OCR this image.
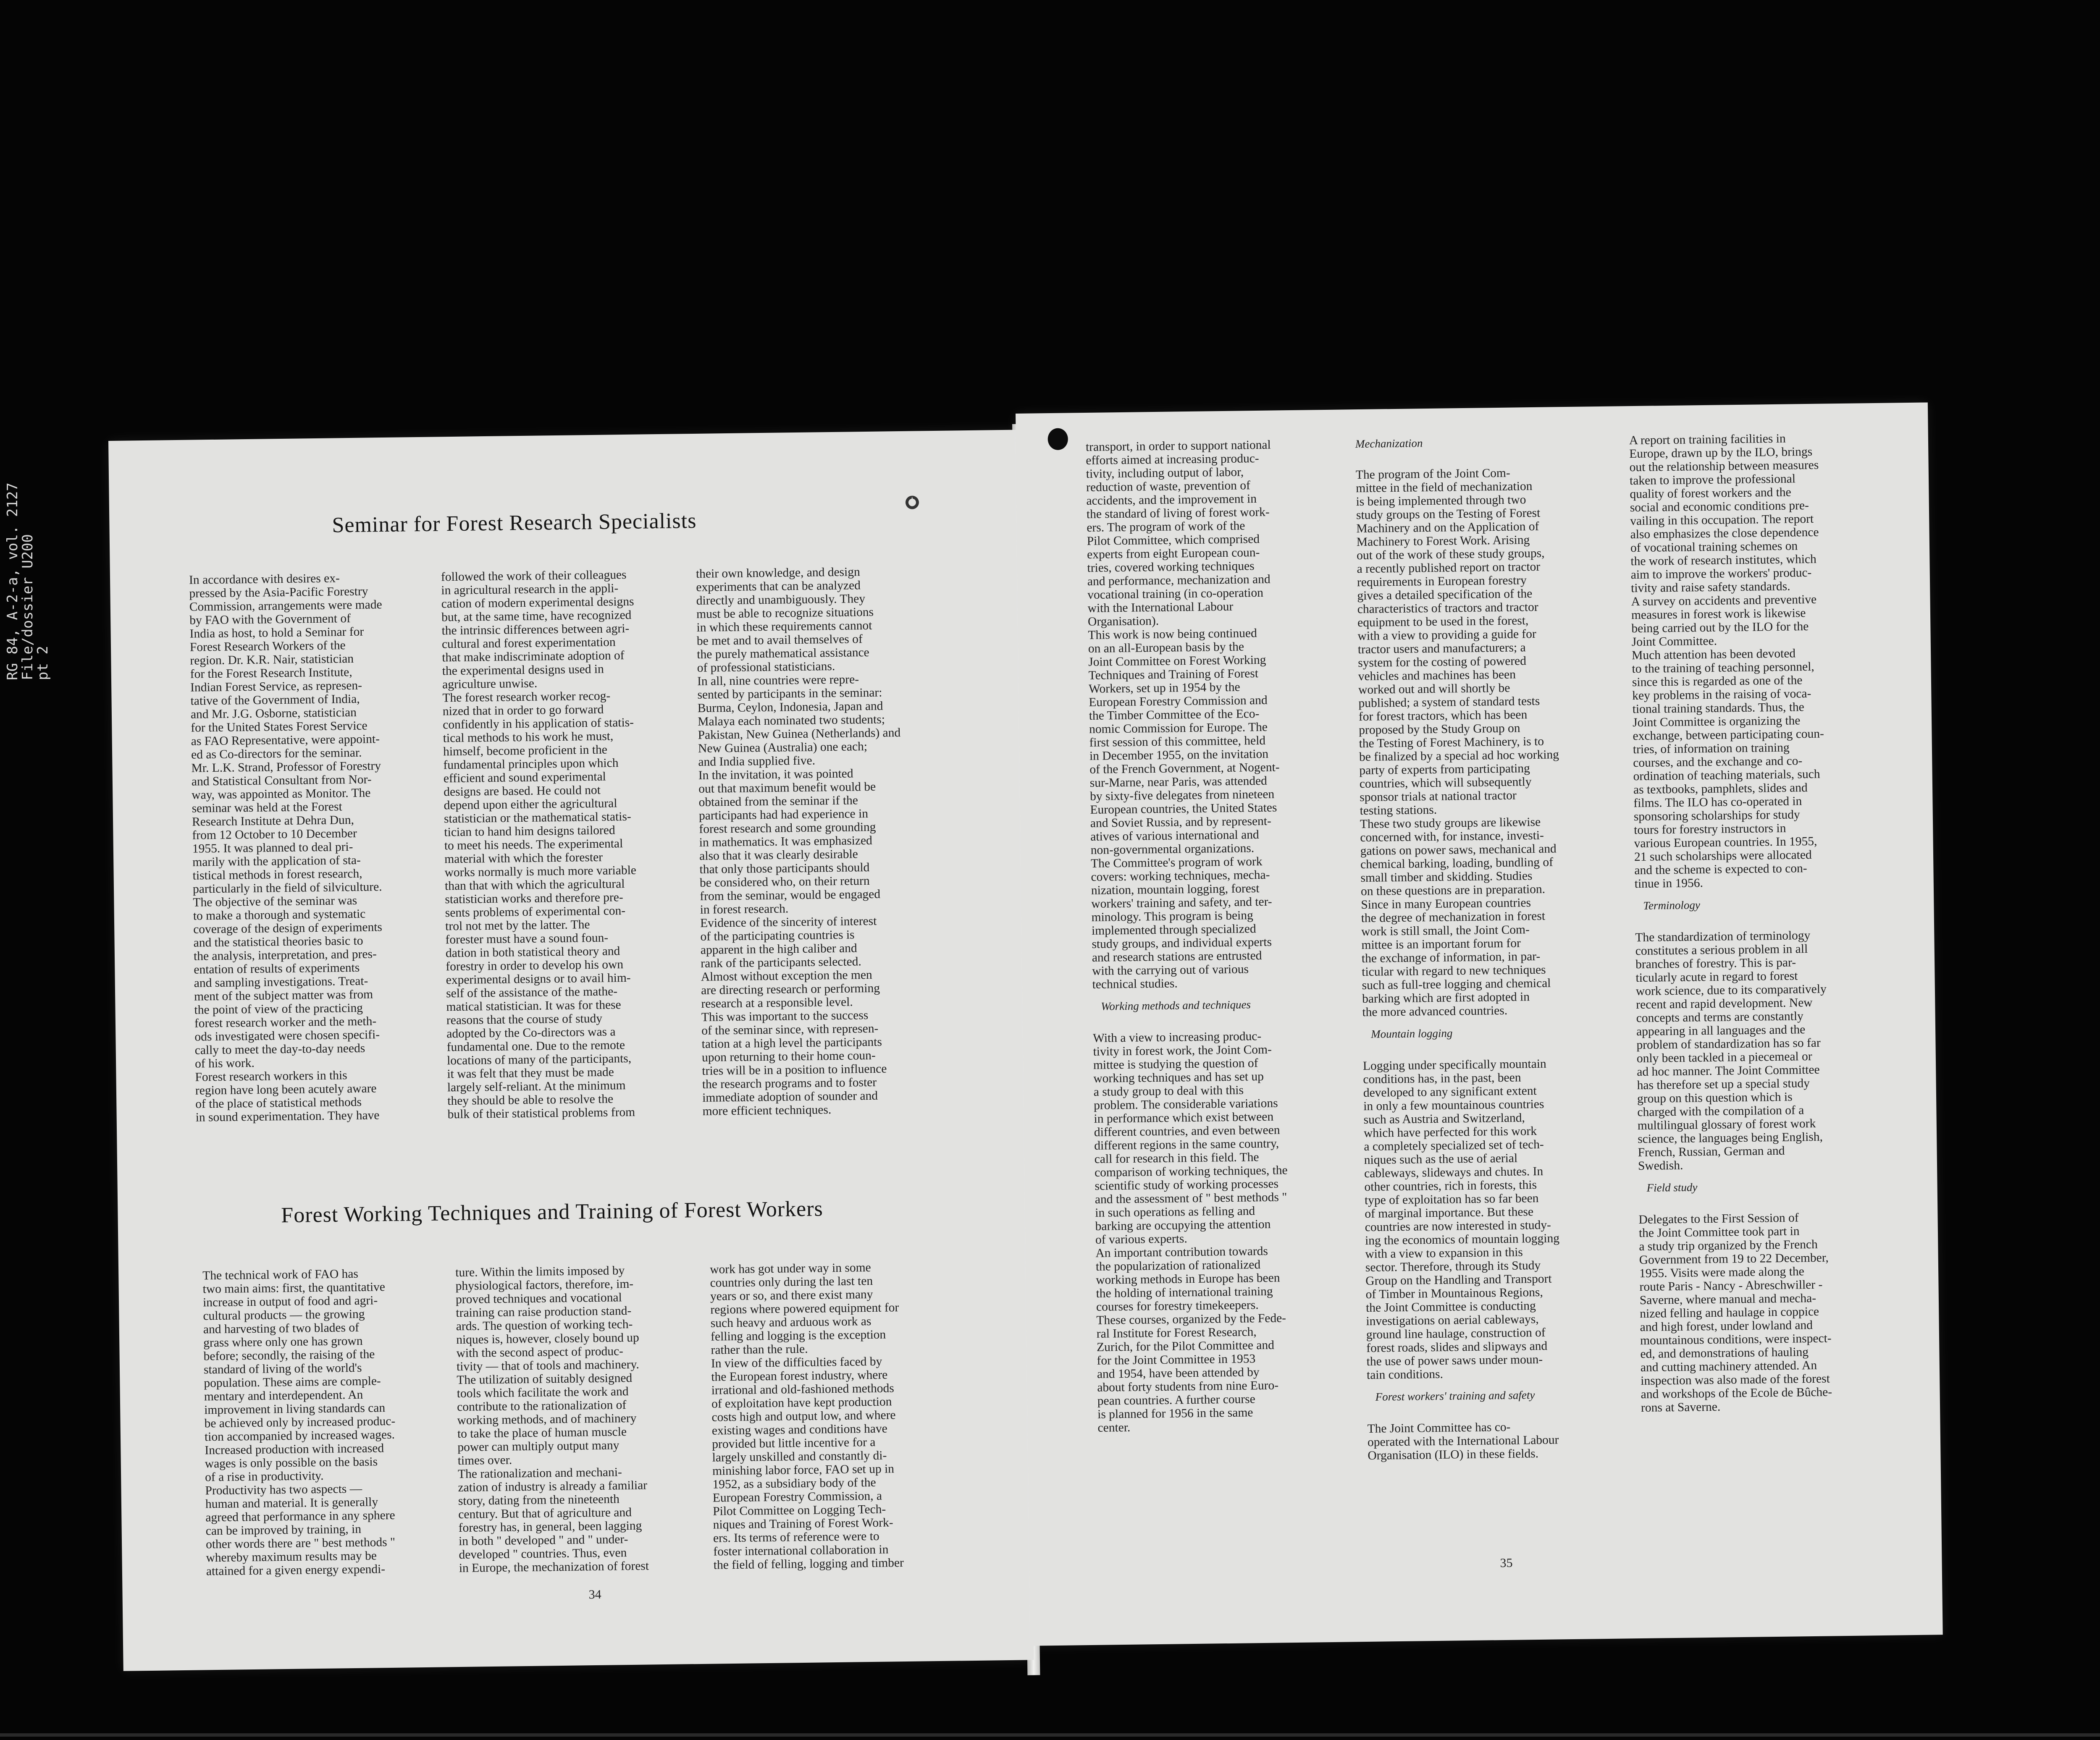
Seminar for Forest Research Specialists
In accordance with desires ex-
pressed by the Asia-Pacific Forestry
Commission, arrangements were made
by FAO with the Government of
India as host, to hold a Seminar for
Forest Research Workers of the
region. Dr. K.R. Nair, statistician
for the Forest Research Institute,
Indian Forest Service, as represen-
tative of the Government of India,
and Mr. J.G. Osborne, statistician
for the United States Forest Service
as FAO Representative, were appoint-
ed as Co-directors for the seminar.
Mr. L.K. Strand, Professor of Forestry
and Statistical Consultant from Nor-
way, was appointed as Monitor. The
seminar was held at the Forest
Research Institute at Dehra Dun,
from 12 October to 10 December
1955. It was planned to deal pri-
marily with the application of sta-
tistical methods in forest research,
particularly in the field of silviculture.
The objective of the seminar was
to make a thorough and systematic
coverage of the design of experiments
and the statistical theories basic to
the analysis, interpretation, and pres-
entation of results of experiments
and sampling investigations. Treat-
ment of the subject matter was from
the point of view of the practicing
forest research worker and the meth-
ods investigated were chosen specifi-
cally to meet the day-to-day needs
of his work.
Forest research workers in this
region have long been acutely aware
of the place of statistical methods
in sound experimentation. They have
followed the work of their colleagues
in agricultural research in the appli-
cation of modern experimental designs
but, at the same time, have recognized
the intrinsic differences between agri-
cultural and forest experimentation
that make indiscriminate adoption of
the experimental designs used in
agriculture unwise.
The forest research worker recog-
nized that in order to go forward
confidently in his application of statis-
tical methods to his work he must,
himself, become proficient in the
fundamental principles upon which
efficient and sound experimental
designs are based. He could not
depend upon either the agricultural
statistician or the mathematical statis-
tician to hand him designs tailored
to meet his needs. The experimental
material with which the forester
works normally is much more variable
than that with which the agricultural
statistician works and therefore pre-
sents problems of experimental con-
trol not met by the latter. The
forester must have a sound foun-
dation in both statistical theory and
forestry in order to develop his own
experimental designs or to avail him-
self of the assistance of the mathe-
matical statistician. It was for these
reasons that the course of study
adopted by the Co-directors was a
fundamental one. Due to the remote
locations of many of the participants,
it was felt that they must be made
largely self-reliant. At the minimum
they should be able to resolve the
bulk of their statistical problems from
their own knowledge, and design
experiments that can be analyzed
directly and unambiguously. They
must be able to recognize situations
in which these requirements cannot
be met and to avail themselves of
the purely mathematical assistance
of professional statisticians.
In all, nine countries were repre-
sented by participants in the seminar:
Burma, Ceylon, Indonesia, Japan and
Malaya each nominated two students;
Pakistan, New Guinea (Netherlands) and
New Guinea (Australia) one each;
and India supplied five.
In the invitation, it was pointed
out that maximum benefit would be
obtained from the seminar if the
participants had had experience in
forest research and some grounding
in mathematics. It was emphasized
also that it was clearly desirable
that only those participants should
be considered who, on their return
from the seminar, would be engaged
in forest research.
Evidence of the sincerity of interest
of the participating countries is
apparent in the high caliber and
rank of the participants selected.
Almost without exception the men
are directing research or performing
research at a responsible level.
This was important to the success
of the seminar since, with represen-
tation at a high level the participants
upon returning to their home coun-
tries will be in a position to influence
the research programs and to foster
immediate adoption of sounder and
more efficient techniques.
Forest Working Techniques and Training of Forest Workers
The technical work of FAO has
two main aims: first, the quantitative
increase in output of food and agri-
cultural products — the growing
and harvesting of two blades of
grass where only one has grown
before; secondly, the raising of the
standard of living of the world's
population. These aims are comple-
mentary and interdependent. An
improvement in living standards can
be achieved only by increased produc-
tion accompanied by increased wages.
Increased production with increased
wages is only possible on the basis
of a rise in productivity.
Productivity has two aspects —
human and material. It is generally
agreed that performance in any sphere
can be improved by training, in
other words there are " best methods "
whereby maximum results may be
attained for a given energy expendi-
ture. Within the limits imposed by
physiological factors, therefore, im-
proved techniques and vocational
training can raise production stand-
ards. The question of working tech-
niques is, however, closely bound up
with the second aspect of produc-
tivity — that of tools and machinery.
The utilization of suitably designed
tools which facilitate the work and
contribute to the rationalization of
working methods, and of machinery
to take the place of human muscle
power can multiply output many
times over.
The rationalization and mechani-
zation of industry is already a familiar
story, dating from the nineteenth
century. But that of agriculture and
forestry has, in general, been lagging
in both " developed " and " under-
developed " countries. Thus, even
in Europe, the mechanization of forest
work has got under way in some
countries only during the last ten
years or so, and there exist many
regions where powered equipment for
such heavy and arduous work as
felling and logging is the exception
rather than the rule.
In view of the difficulties faced by
the European forest industry, where
irrational and old-fashioned methods
of exploitation have kept production
costs high and output low, and where
existing wages and conditions have
provided but little incentive for a
largely unskilled and constantly di-
minishing labor force, FAO set up in
1952, as a subsidiary body of the
European Forestry Commission, a
Pilot Committee on Logging Tech-
niques and Training of Forest Work-
ers. Its terms of reference were to
foster international collaboration in
the field of felling, logging and timber
34

transport, in order to support national
efforts aimed at increasing produc-
tivity, including output of labor,
reduction of waste, prevention of
accidents, and the improvement in
the standard of living of forest work-
ers. The program of work of the
Pilot Committee, which comprised
experts from eight European coun-
tries, covered working techniques
and performance, mechanization and
vocational training (in co-operation
with the International Labour
Organisation).
This work is now being continued
on an all-European basis by the
Joint Committee on Forest Working
Techniques and Training of Forest
Workers, set up in 1954 by the
European Forestry Commission and
the Timber Committee of the Eco-
nomic Commission for Europe. The
first session of this committee, held
in December 1955, on the invitation
of the French Government, at Nogent-
sur-Marne, near Paris, was attended
by sixty-five delegates from nineteen
European countries, the United States
and Soviet Russia, and by represent-
atives of various international and
non-governmental organizations.
The Committee's program of work
covers: working techniques, mecha-
nization, mountain logging, forest
workers' training and safety, and ter-
minology. This program is being
implemented through specialized
study groups, and individual experts
and research stations are entrusted
with the carrying out of various
technical studies.

Working methods and techniques

With a view to increasing produc-
tivity in forest work, the Joint Com-
mittee is studying the question of
working techniques and has set up
a study group to deal with this
problem. The considerable variations
in performance which exist between
different countries, and even between
different regions in the same country,
call for research in this field. The
comparison of working techniques, the
scientific study of working processes
and the assessment of " best methods "
in such operations as felling and
barking are occupying the attention
of various experts.
An important contribution towards
the popularization of rationalized
working methods in Europe has been
the holding of international training
courses for forestry timekeepers.
These courses, organized by the Fede-
ral Institute for Forest Research,
Zurich, for the Pilot Committee and
for the Joint Committee in 1953
and 1954, have been attended by
about forty students from nine Euro-
pean countries. A further course
is planned for 1956 in the same
center.

Mechanization

The program of the Joint Com-
mittee in the field of mechanization
is being implemented through two
study groups on the Testing of Forest
Machinery and on the Application of
Machinery to Forest Work. Arising
out of the work of these study groups,
a recently published report on tractor
requirements in European forestry
gives a detailed specification of the
characteristics of tractors and tractor
equipment to be used in the forest,
with a view to providing a guide for
tractor users and manufacturers; a
system for the costing of powered
vehicles and machines has been
worked out and will shortly be
published; a system of standard tests
for forest tractors, which has been
proposed by the Study Group on
the Testing of Forest Machinery, is to
be finalized by a special ad hoc working
party of experts from participating
countries, which will subsequently
sponsor trials at national tractor
testing stations.
These two study groups are likewise
concerned with, for instance, investi-
gations on power saws, mechanical and
chemical barking, loading, bundling of
small timber and skidding. Studies
on these questions are in preparation.
Since in many European countries
the degree of mechanization in forest
work is still small, the Joint Com-
mittee is an important forum for
the exchange of information, in par-
ticular with regard to new techniques
such as full-tree logging and chemical
barking which are first adopted in
the more advanced countries.

Mountain logging

Logging under specifically mountain
conditions has, in the past, been
developed to any significant extent
in only a few mountainous countries
such as Austria and Switzerland,
which have perfected for this work
a completely specialized set of tech-
niques such as the use of aerial
cableways, slideways and chutes. In
other countries, rich in forests, this
type of exploitation has so far been
of marginal importance. But these
countries are now interested in study-
ing the economics of mountain logging
with a view to expansion in this
sector. Therefore, through its Study
Group on the Handling and Transport
of Timber in Mountainous Regions,
the Joint Committee is conducting
investigations on aerial cableways,
ground line haulage, construction of
forest roads, slides and slipways and
the use of power saws under moun-
tain conditions.

Forest workers' training and safety

The Joint Committee has co-
operated with the International Labour
Organisation (ILO) in these fields.

A report on training facilities in
Europe, drawn up by the ILO, brings
out the relationship between measures
taken to improve the professional
quality of forest workers and the
social and economic conditions pre-
vailing in this occupation. The report
also emphasizes the close dependence
of vocational training schemes on
the work of research institutes, which
aim to improve the workers' produc-
tivity and raise safety standards.
A survey on accidents and preventive
measures in forest work is likewise
being carried out by the ILO for the
Joint Committee.
Much attention has been devoted
to the training of teaching personnel,
since this is regarded as one of the
key problems in the raising of voca-
tional training standards. Thus, the
Joint Committee is organizing the
exchange, between participating coun-
tries, of information on training
courses, and the exchange and co-
ordination of teaching materials, such
as textbooks, pamphlets, slides and
films. The ILO has co-operated in
sponsoring scholarships for study
tours for forestry instructors in
various European countries. In 1955,
21 such scholarships were allocated
and the scheme is expected to con-
tinue in 1956.

Terminology

The standardization of terminology
constitutes a serious problem in all
branches of forestry. This is par-
ticularly acute in regard to forest
work science, due to its comparatively
recent and rapid development. New
concepts and terms are constantly
appearing in all languages and the
problem of standardization has so far
only been tackled in a piecemeal or
ad hoc manner. The Joint Committee
has therefore set up a special study
group on this question which is
charged with the compilation of a
multilingual glossary of forest work
science, the languages being English,
French, Russian, German and
Swedish.

Field study

Delegates to the First Session of
the Joint Committee took part in
a study trip organized by the French
Government from 19 to 22 December,
1955. Visits were made along the
route Paris - Nancy - Abreschwiller -
Saverne, where manual and mecha-
nized felling and haulage in coppice
and high forest, under lowland and
mountainous conditions, were inspect-
ed, and demonstrations of hauling
and cutting machinery attended. An
inspection was also made of the forest
and workshops of the Ecole de Bûche-
rons at Saverne.

35
RG 84, A-2-a, vol. 2127
File/dossier U200
pt 2
